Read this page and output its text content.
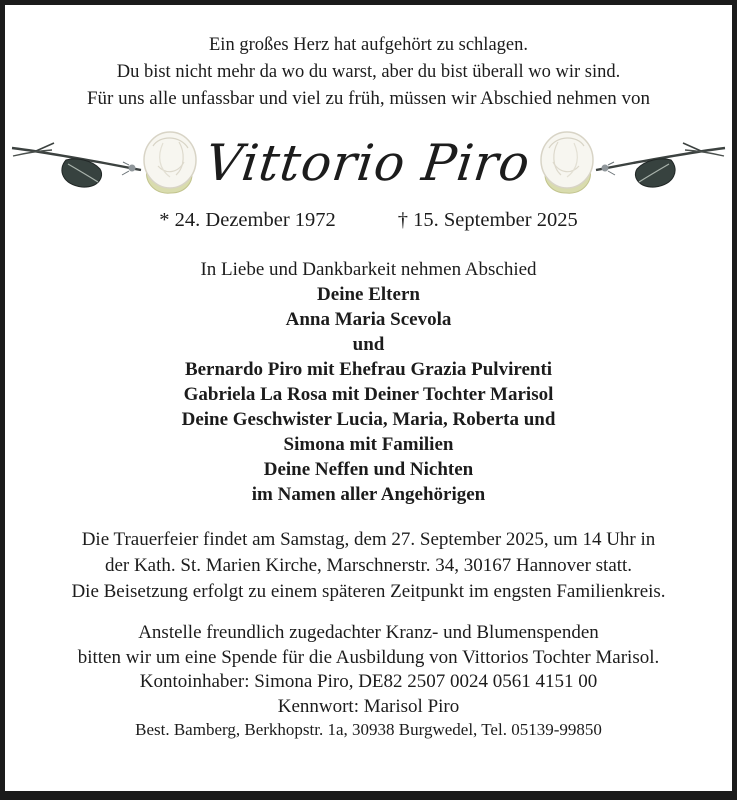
Ein großes Herz hat aufgehört zu schlagen.

Du bist nicht mehr da wo du warst, aber du bist überall wo wir sind.

Für uns alle unfassbar und viel zu früh, müssen wir Abschied nehmen von

Vittorio Piro
* 24. Dezember 1972	† 15. September 2025

In Liebe und Dankbarkeit nehmen Abschied

Deine Eltern

Anna Maria Scevola

und

Bernardo Piro mit Ehefrau Grazia Pulvirenti

Gabriela La Rosa mit Deiner Tochter Marisol

Deine Geschwister Lucia, Maria, Roberta und

Simona mit Familien

Deine Neffen und Nichten

im Namen aller Angehörigen

Die Trauerfeier findet am Samstag, dem 27. September 2025, um 14 Uhr in

der Kath. St. Marien Kirche, Marschnerstr. 34, 30167 Hannover statt.

Die Beisetzung erfolgt zu einem späteren Zeitpunkt im engsten Familienkreis.

Anstelle freundlich zugedachter Kranz- und Blumenspenden

bitten wir um eine Spende für die Ausbildung von Vittorios Tochter Marisol.

Kontoinhaber: Simona Piro, DE82 2507 0024 0561 4151 00

Kennwort: Marisol Piro

Best. Bamberg, Berkhopstr. 1a, 30938 Burgwedel, Tel. 05139-99850
